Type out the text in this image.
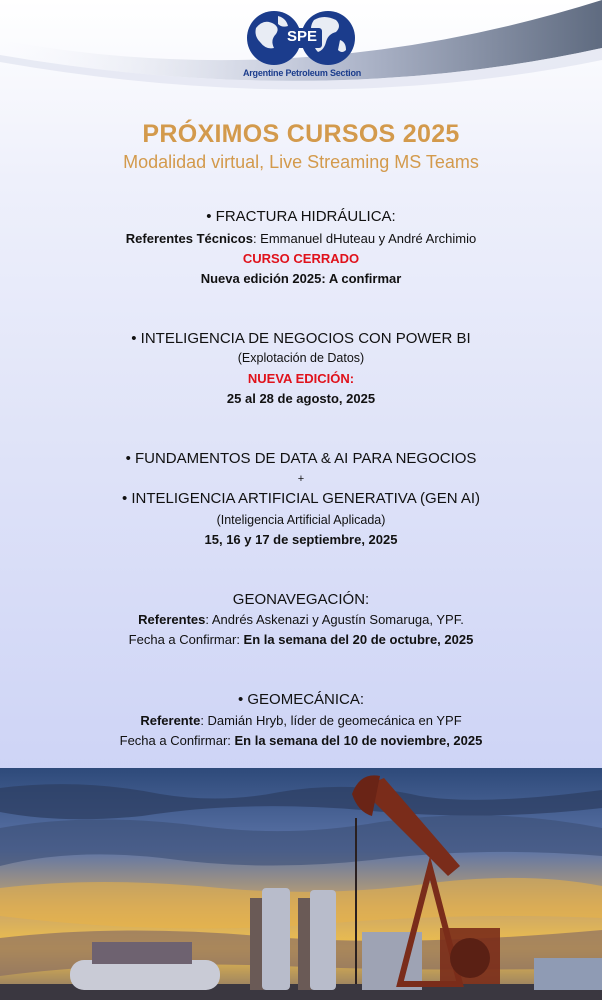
SPE
Argentine Petroleum Section
PRÓXIMOS CURSOS 2025
Modalidad virtual, Live Streaming MS Teams
• FRACTURA HIDRÁULICA:
Referentes Técnicos: Emmanuel dHuteau y André Archimio
CURSO CERRADO
Nueva edición 2025: A confirmar
• INTELIGENCIA DE NEGOCIOS CON POWER BI
(Explotación de Datos)
NUEVA EDICIÓN:
25 al 28 de agosto, 2025
• FUNDAMENTOS DE DATA & AI PARA NEGOCIOS
+
• INTELIGENCIA ARTIFICIAL GENERATIVA (GEN AI)
(Inteligencia Artificial Aplicada)
15, 16 y 17 de septiembre, 2025
GEONAVEGACIÓN:
Referentes: Andrés Askenazi y Agustín Somaruga, YPF.
Fecha a Confirmar: En la semana del 20 de octubre, 2025
• GEOMECÁNICA:
Referente: Damián Hryb, líder de geomecánica en YPF
Fecha a Confirmar: En la semana del 10 de noviembre, 2025
